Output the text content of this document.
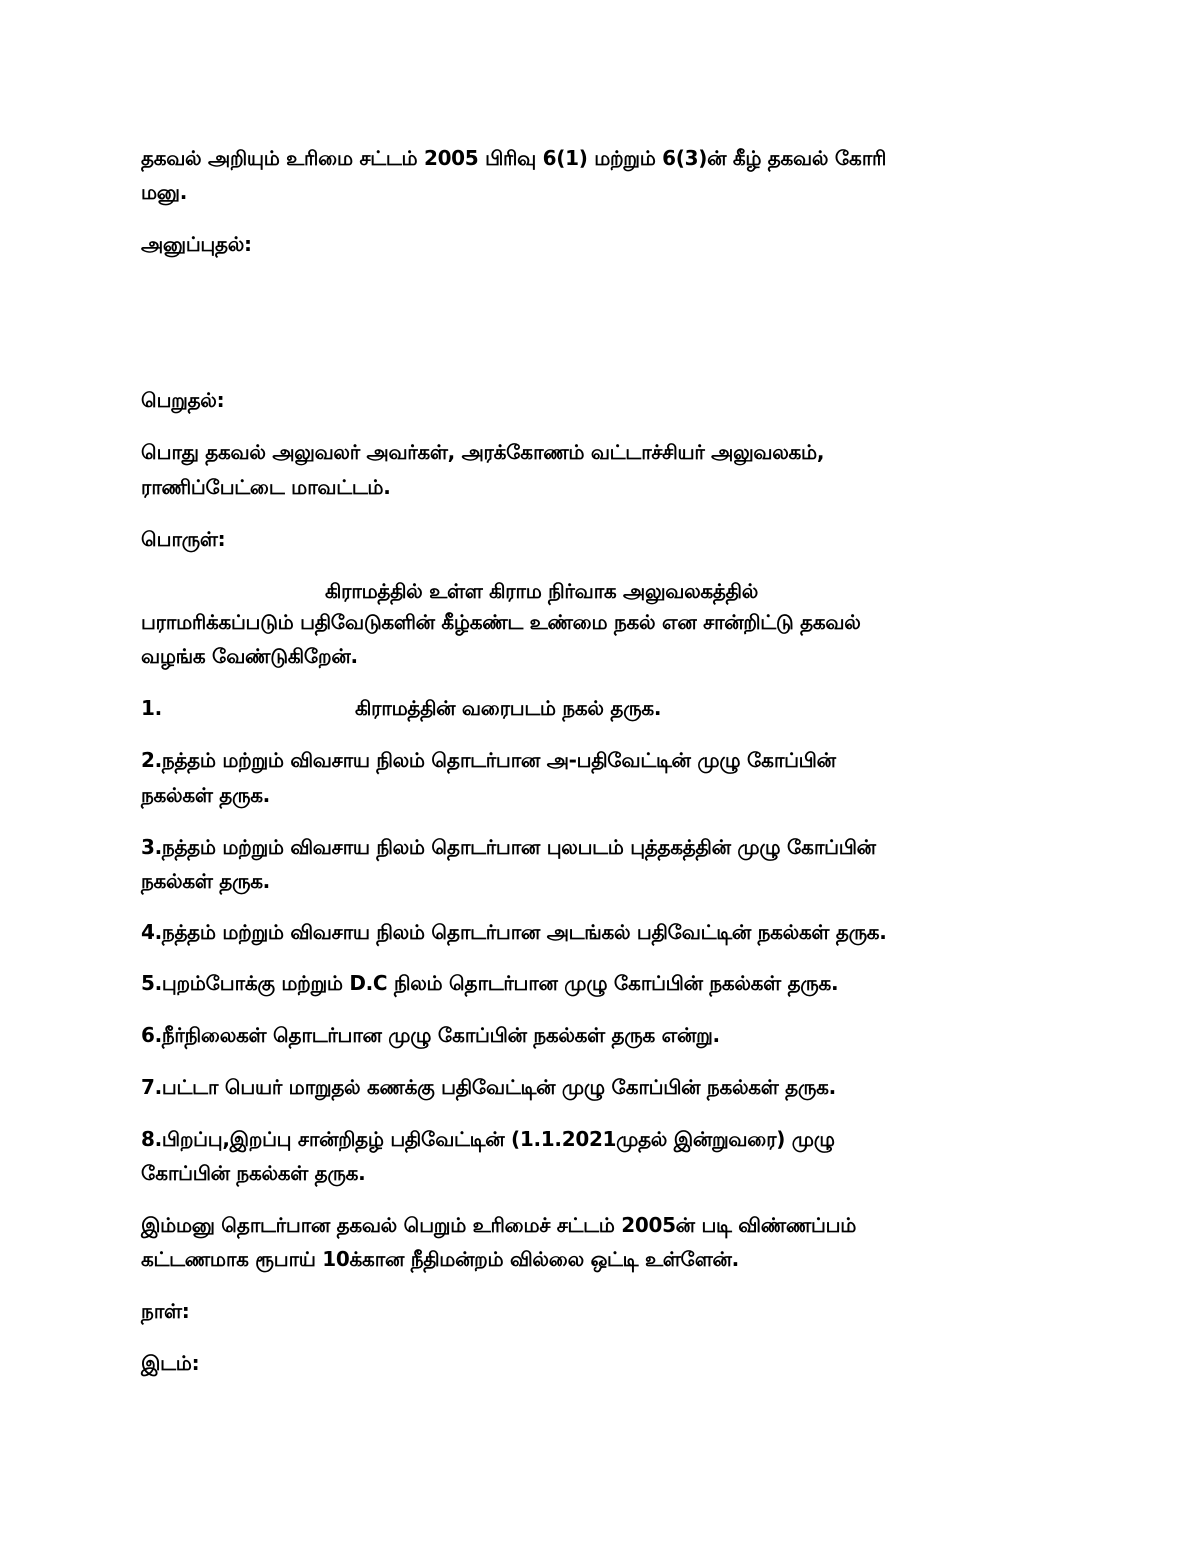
தகவல் அறியும் உரிமை சட்டம் 2005 பிரிவு 6(1) மற்றும் 6(3)ன் கீழ் தகவல் கோரி
மனு.
அனுப்புதல்:
பெறுதல்:
பொது தகவல் அலுவலர் அவர்கள், அரக்கோணம் வட்டாச்சியர் அலுவலகம்,
ராணிப்பேட்டை மாவட்டம்.
பொருள்:
கிராமத்தில் உள்ள கிராம நிர்வாக அலுவலகத்தில்
பராமரிக்கப்படும் பதிவேடுகளின் கீழ்கண்ட உண்மை நகல் என சான்றிட்டு தகவல்
வழங்க வேண்டுகிறேன்.
1.	கிராமத்தின் வரைபடம் நகல் தருக.
2.நத்தம் மற்றும் விவசாய நிலம் தொடர்பான அ-பதிவேட்டின் முழு கோப்பின்
நகல்கள் தருக.
3.நத்தம் மற்றும் விவசாய நிலம் தொடர்பான புலபடம் புத்தகத்தின் முழு கோப்பின்
நகல்கள் தருக.
4.நத்தம் மற்றும் விவசாய நிலம் தொடர்பான அடங்கல் பதிவேட்டின் நகல்கள் தருக.
5.புறம்போக்கு மற்றும் D.C நிலம் தொடர்பான முழு கோப்பின் நகல்கள் தருக.
6.நீர்நிலைகள் தொடர்பான முழு கோப்பின் நகல்கள் தருக என்று.
7.பட்டா பெயர் மாறுதல் கணக்கு பதிவேட்டின் முழு கோப்பின் நகல்கள் தருக.
8.பிறப்பு,இறப்பு சான்றிதழ் பதிவேட்டின் (1.1.2021முதல் இன்றுவரை) முழு
கோப்பின் நகல்கள் தருக.
இம்மனு தொடர்பான தகவல் பெறும் உரிமைச் சட்டம் 2005ன் படி விண்ணப்பம்
கட்டணமாக ரூபாய் 10க்கான நீதிமன்றம் வில்லை ஒட்டி உள்ளேன்.
நாள்:
இடம்:
